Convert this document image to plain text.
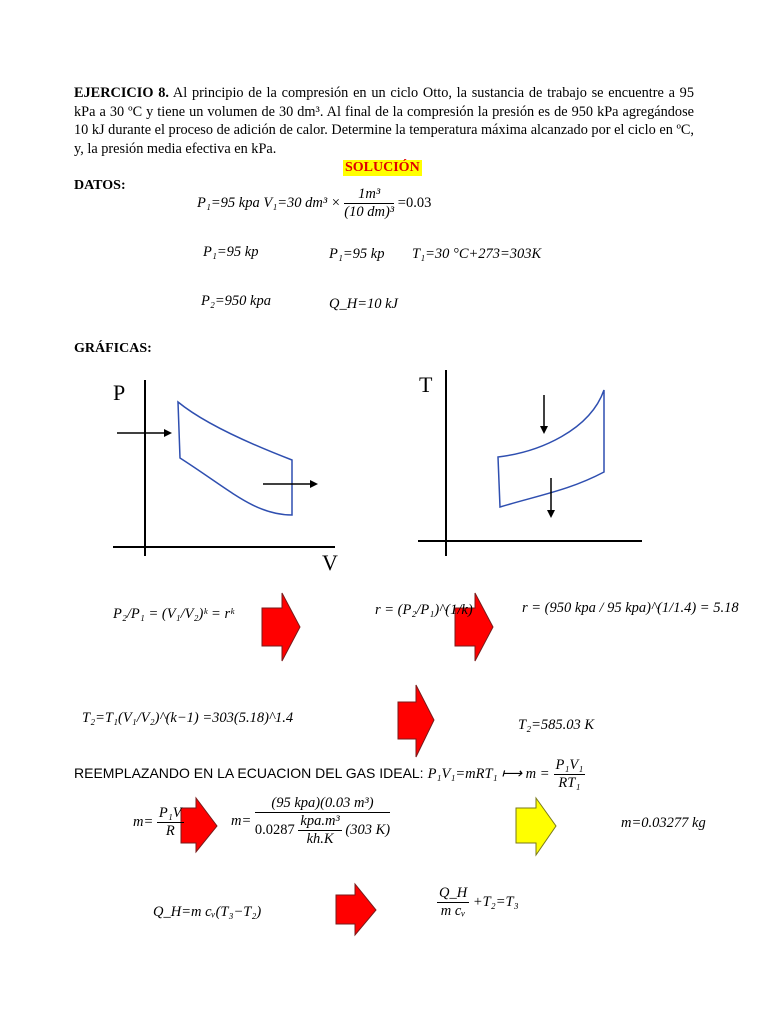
EJERCICIO 8. Al principio de la compresión en un ciclo Otto, la sustancia de trabajo se encuentre a 95 kPa a 30 ºC y tiene un volumen de 30 dm³. Al final de la compresión la presión es de 950 kPa agregándose 10 kJ durante el proceso de adición de calor. Determine la temperatura máxima alcanzado por el ciclo en ºC, y, la presión media efectiva en kPa.
SOLUCIÓN
DATOS:
P₁=95 kpa V₁=30 $dm^3 \times \frac{\text{1m³}}{\text{(10 dm)³}} =0.03$
P₁=95 kp	P₁=95 kp T₁=30 °C+273=303K
P₂=950 kpa	Q_H=10 kJ
GRÁFICAS:
P
V
T
P₂/P₁ = (V₁/V₂)ᵏ = rᵏ	r = (P₂/P₁)^(1/k)	r = (950 kpa / 95 kpa)^(1/1.4) = 5.18
T₂=T₁(V₁/V₂)^(k−1) =303(5.18)^1.4	T₂=585.03 K
REEMPLAZANDO EN LA ECUACION DEL GAS IDEAL: P₁V₁=mRT₁ ⟼ $m = \frac{\text{P₁V₁}}{\text{RT₁}}$
$m= \frac{\text{P₁V}}{R}$	m=
(95 kpa)(0.03 m³)
$0.0287 \frac{\text{kpa.m³}}{kh.K} (303$ K)	m=0.03277 kg
Q_H=m cᵥ(T₃−T₂)	$\frac{Q\_H}{\text{m cᵥ}} +T_2=T_3$
